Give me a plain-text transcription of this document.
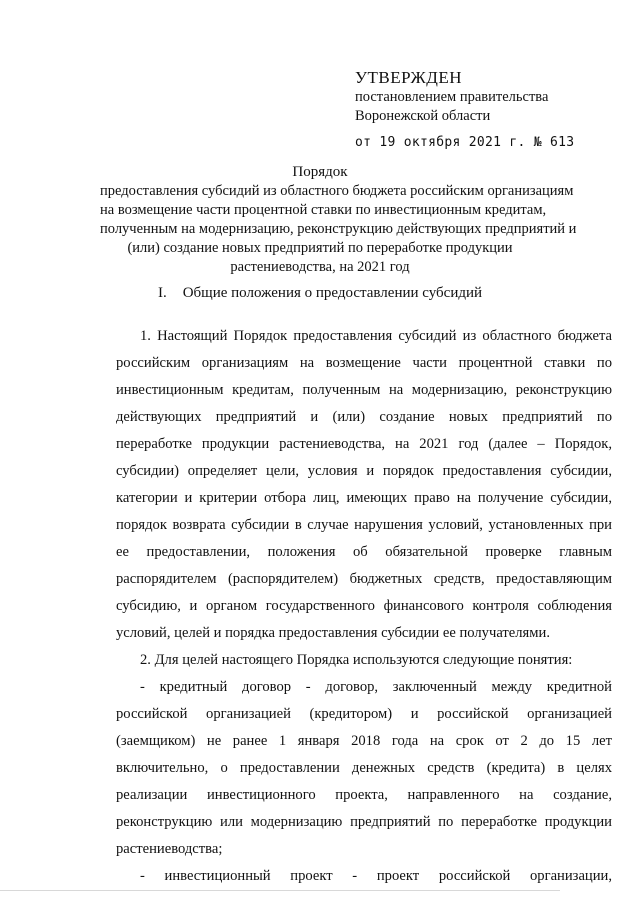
УТВЕРЖДЕН

постановлением правительства

Воронежской области

от 19 октября 2021 г. № 613

Порядок

предоставления субсидий из областного бюджета российским организациям

на возмещение части процентной ставки по инвестиционным кредитам,

полученным на модернизацию, реконструкцию действующих предприятий и

(или) создание новых предприятий по переработке продукции

растениеводства, на 2021 год

I. Общие положения о предоставлении субсидий
1. Настоящий Порядок предоставления субсидий из областного бюджета
российским организациям на возмещение части процентной ставки по
инвестиционным кредитам, полученным на модернизацию, реконструкцию
действующих предприятий и (или) создание новых предприятий по
переработке продукции растениеводства, на 2021 год (далее – Порядок,
субсидии) определяет цели, условия и порядок предоставления субсидии,
категории и критерии отбора лиц, имеющих право на получение субсидии,
порядок возврата субсидии в случае нарушения условий, установленных при
ее предоставлении, положения об обязательной проверке главным
распорядителем (распорядителем) бюджетных средств, предоставляющим
субсидию, и органом государственного финансового контроля соблюдения
условий, целей и порядка предоставления субсидии ее получателями.
2. Для целей настоящего Порядка используются следующие понятия:
- кредитный договор - договор, заключенный между кредитной
российской организацией (кредитором) и российской организацией
(заемщиком) не ранее 1 января 2018 года на срок от 2 до 15 лет
включительно, о предоставлении денежных средств (кредита) в целях
реализации инвестиционного проекта, направленного на создание,
реконструкцию или модернизацию предприятий по переработке продукции
растениеводства;
- инвестиционный проект - проект российской организации,
